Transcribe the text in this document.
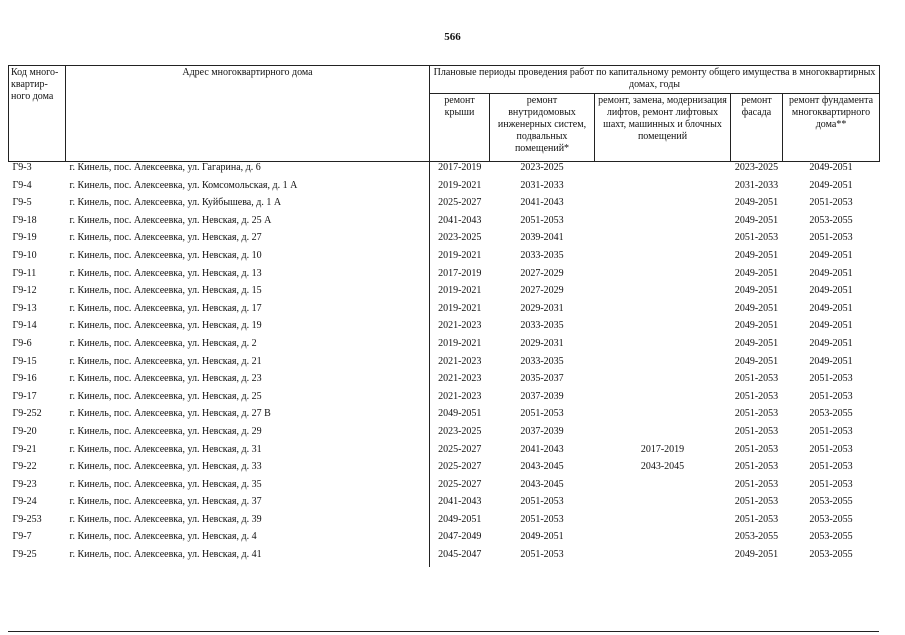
566
Код много-квартир-ного дома	Адрес многоквартирного дома	Плановые периоды проведения работ по капитальному ремонту общего имущества в многоквартирных домах, годы				
		ремонт крыши	ремонт внутридомовых инженерных систем, подвальных помещений*	ремонт, замена, модернизация лифтов, ремонт лифтовых шахт, машинных и блочных помещений	ремонт фасада	ремонт фундамента многоквартирного дома**
Г9-3	г. Кинель, пос. Алексеевка, ул. Гагарина, д. 6	2017-2019	2023-2025		2023-2025	2049-2051
Г9-4	г. Кинель, пос. Алексеевка, ул. Комсомольская, д. 1 А	2019-2021	2031-2033		2031-2033	2049-2051
Г9-5	г. Кинель, пос. Алексеевка, ул. Куйбышева, д. 1 А	2025-2027	2041-2043		2049-2051	2051-2053
Г9-18	г. Кинель, пос. Алексеевка, ул. Невская, д. 25 А	2041-2043	2051-2053		2049-2051	2053-2055
Г9-19	г. Кинель, пос. Алексеевка, ул. Невская, д. 27	2023-2025	2039-2041		2051-2053	2051-2053
Г9-10	г. Кинель, пос. Алексеевка, ул. Невская, д. 10	2019-2021	2033-2035		2049-2051	2049-2051
Г9-11	г. Кинель, пос. Алексеевка, ул. Невская, д. 13	2017-2019	2027-2029		2049-2051	2049-2051
Г9-12	г. Кинель, пос. Алексеевка, ул. Невская, д. 15	2019-2021	2027-2029		2049-2051	2049-2051
Г9-13	г. Кинель, пос. Алексеевка, ул. Невская, д. 17	2019-2021	2029-2031		2049-2051	2049-2051
Г9-14	г. Кинель, пос. Алексеевка, ул. Невская, д. 19	2021-2023	2033-2035		2049-2051	2049-2051
Г9-6	г. Кинель, пос. Алексеевка, ул. Невская, д. 2	2019-2021	2029-2031		2049-2051	2049-2051
Г9-15	г. Кинель, пос. Алексеевка, ул. Невская, д. 21	2021-2023	2033-2035		2049-2051	2049-2051
Г9-16	г. Кинель, пос. Алексеевка, ул. Невская, д. 23	2021-2023	2035-2037		2051-2053	2051-2053
Г9-17	г. Кинель, пос. Алексеевка, ул. Невская, д. 25	2021-2023	2037-2039		2051-2053	2051-2053
Г9-252	г. Кинель, пос. Алексеевка, ул. Невская, д. 27 В	2049-2051	2051-2053		2051-2053	2053-2055
Г9-20	г. Кинель, пос. Алексеевка, ул. Невская, д. 29	2023-2025	2037-2039		2051-2053	2051-2053
Г9-21	г. Кинель, пос. Алексеевка, ул. Невская, д. 31	2025-2027	2041-2043	2017-2019	2051-2053	2051-2053
Г9-22	г. Кинель, пос. Алексеевка, ул. Невская, д. 33	2025-2027	2043-2045	2043-2045	2051-2053	2051-2053
Г9-23	г. Кинель, пос. Алексеевка, ул. Невская, д. 35	2025-2027	2043-2045		2051-2053	2051-2053
Г9-24	г. Кинель, пос. Алексеевка, ул. Невская, д. 37	2041-2043	2051-2053		2051-2053	2053-2055
Г9-253	г. Кинель, пос. Алексеевка, ул. Невская, д. 39	2049-2051	2051-2053		2051-2053	2053-2055
Г9-7	г. Кинель, пос. Алексеевка, ул. Невская, д. 4	2047-2049	2049-2051		2053-2055	2053-2055
Г9-25	г. Кинель, пос. Алексеевка, ул. Невская, д. 41	2045-2047	2051-2053		2049-2051	2053-2055
